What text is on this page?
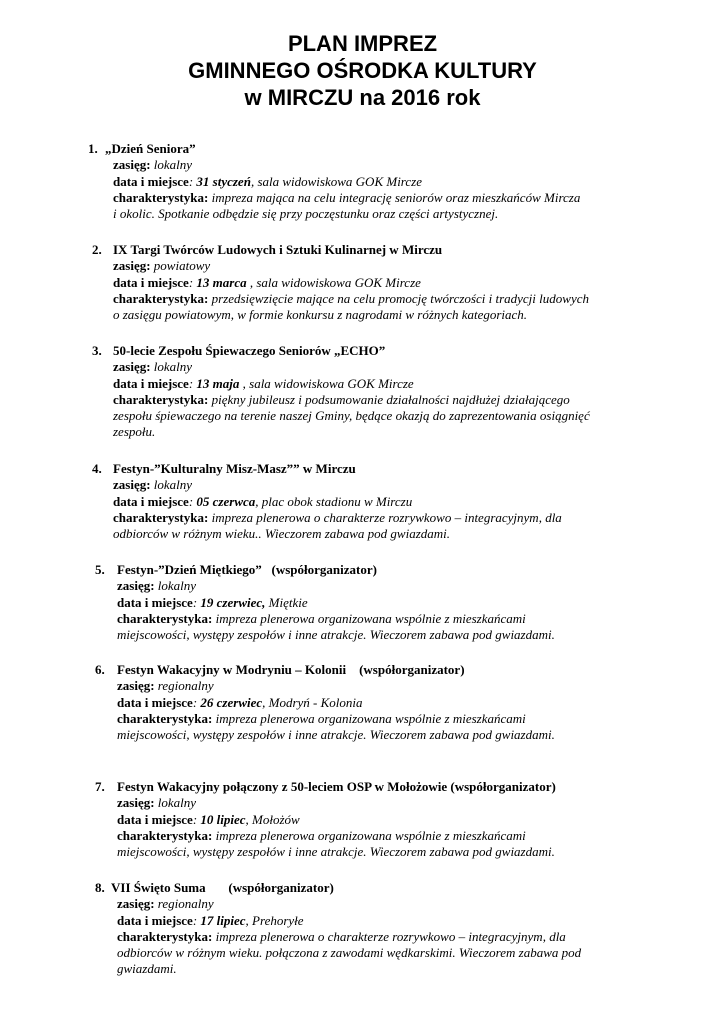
PLAN IMPREZ
GMINNEGO OŚRODKA KULTURY
w MIRCZU na 2016 rok
1. „Dzień Seniora”
zasięg: lokalny
data i miejsce: 31 styczeń, sala widowiskowa GOK Mircze
charakterystyka: impreza mająca na celu integrację seniorów oraz mieszkańców Mircza
i okolic. Spotkanie odbędzie się przy poczęstunku oraz części artystycznej.
2. IX Targi Twórców Ludowych i Sztuki Kulinarnej w Mirczu
zasięg: powiatowy
data i miejsce: 13 marca , sala widowiskowa GOK Mircze
charakterystyka: przedsięwzięcie mające na celu promocję twórczości i tradycji ludowych
o zasięgu powiatowym, w formie konkursu z nagrodami w różnych kategoriach.
3. 50-lecie Zespołu Śpiewaczego Seniorów „ECHO”
zasięg: lokalny
data i miejsce: 13 maja , sala widowiskowa GOK Mircze
charakterystyka: piękny jubileusz i podsumowanie działalności najdłużej działającego
zespołu śpiewaczego na terenie naszej Gminy, będące okazją do zaprezentowania osiągnięć
zespołu.
4. Festyn-”Kulturalny Misz-Masz”” w Mirczu
zasięg: lokalny
data i miejsce: 05 czerwca, plac obok stadionu w Mirczu
charakterystyka: impreza plenerowa o charakterze rozrywkowo – integracyjnym, dla
odbiorców w różnym wieku.. Wieczorem zabawa pod gwiazdami.
5. Festyn-”Dzień Miętkiego”   (współorganizator)
zasięg: lokalny
data i miejsce: 19 czerwiec, Miętkie
charakterystyka: impreza plenerowa organizowana wspólnie z mieszkańcami
miejscowości, występy zespołów i inne atrakcje. Wieczorem zabawa pod gwiazdami.
6. Festyn Wakacyjny w Modryniu – Kolonii    (współorganizator)
zasięg: regionalny
data i miejsce: 26 czerwiec, Modryń - Kolonia
charakterystyka: impreza plenerowa organizowana wspólnie z mieszkańcami
miejscowości, występy zespołów i inne atrakcje. Wieczorem zabawa pod gwiazdami.
7. Festyn Wakacyjny połączony z 50-leciem OSP w Mołożowie (współorganizator)
zasięg: lokalny
data i miejsce: 10 lipiec, Mołożów
charakterystyka: impreza plenerowa organizowana wspólnie z mieszkańcami
miejscowości, występy zespołów i inne atrakcje. Wieczorem zabawa pod gwiazdami.
8. VII Święto Suma       (współorganizator)
zasięg: regionalny
data i miejsce: 17 lipiec, Prehoryłe
charakterystyka: impreza plenerowa o charakterze rozrywkowo – integracyjnym, dla
odbiorców w różnym wieku. połączona z zawodami wędkarskimi. Wieczorem zabawa pod
gwiazdami.
